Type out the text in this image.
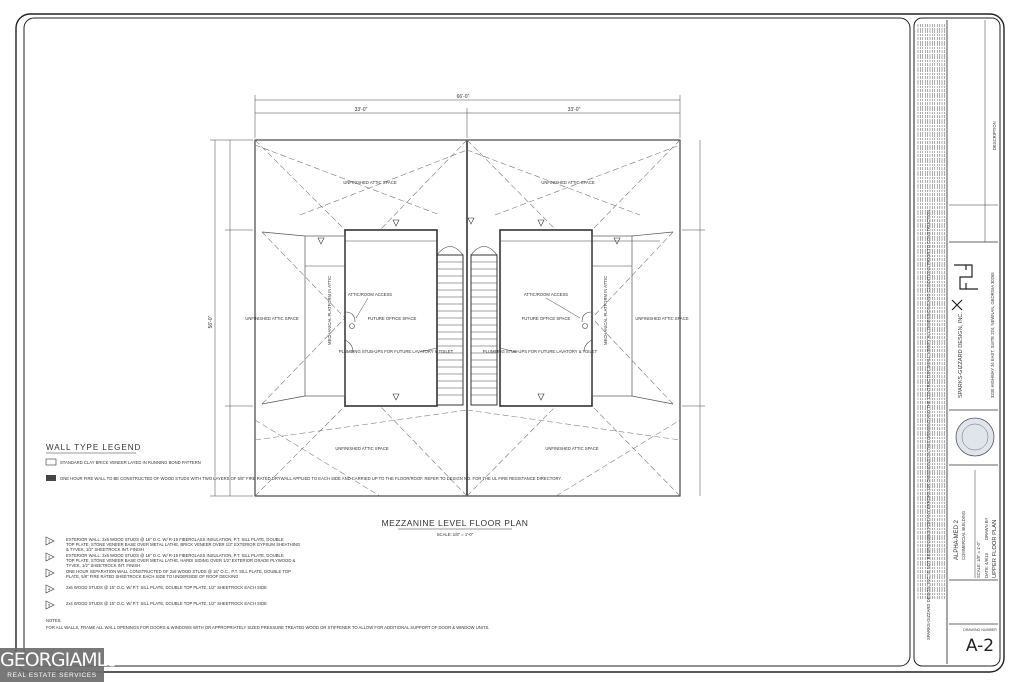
66'-0"
33'-0"	33'-0"
56'-0"
UNFINISHED ATTIC SPACE	UNFINISHED ATTIC SPACE
UNFINISHED ATTIC SPACE	UNFINISHED ATTIC SPACE
UNFINISHED ATTIC SPACE	UNFINISHED ATTIC SPACE
ATTIC/ROOM ACCESS	ATTIC/ROOM ACCESS
FUTURE OFFICE SPACE	FUTURE OFFICE SPACE
PLUMBING STUB-UPS FOR FUTURE LAVATORY & TOILET	PLUMBING STUB-UPS FOR FUTURE LAVATORY & TOILET
MECHANICAL PLATFORM IN ATTIC	MECHANICAL PLATFORM IN ATTIC
MEZZANINE LEVEL FLOOR PLAN
SCALE: 1/8" = 1'-0"
WALL TYPE LEGEND
STANDARD CLAY BRICK VENEER LAYED IN RUNNING BOND PATTERN
ONE HOUR FIRE WALL TO BE CONSTRUCTED OF WOOD STUDS WITH TWO LAYERS OF 5/8" FIRE RATED DRYWALL APPLIED TO EACH SIDE AND CARRIED UP TO THE FLOOR/ROOF. REFER TO DESIGN NO. FOR THE UL FIRE RESISTANCE DIRECTORY.
1	EXTERIOR WALL: 2x6 WOOD STUDS @ 16" O.C. W/ R-19 FIBERGLASS INSULATION, P.T. SILL PLATE, DOUBLE TOP PLATE, STONE VENEER BASE OVER METAL LATHE, BRICK VENEER OVER 1/2" EXTERIOR GYPSUM SHEATHING & TYVEK, 1/2" SHEETROCK INT. FINISH
2	EXTERIOR WALL: 2x6 WOOD STUDS @ 16" O.C. W/ R-19 FIBERGLASS INSULATION, P.T. SILL PLATE, DOUBLE TOP PLATE, STONE VENEER BASE OVER METAL LATHE, HARDI SIDING OVER 1/2" EXTERIOR GRADE PLYWOOD & TYVEK, 1/2" SHEETROCK INT. FINISH
3	ONE HOUR SEPARATION WALL CONSTRUCTED OF 2x6 WOOD STUDS @ 16" O.C., P.T. SILL PLATE, DOUBLE TOP PLATE, 5/8" FIRE RATED SHEETROCK EACH SIDE TO UNDERSIDE OF ROOF DECKING
4	2x6 WOOD STUDS @ 16" O.C. W/ P.T. SILL PLATE, DOUBLE TOP PLATE, 1/2" SHEETROCK EACH SIDE
5	2x4 WOOD STUDS @ 16" O.C. W/ P.T. SILL PLATE, DOUBLE TOP PLATE, 1/2" SHEETROCK EACH SIDE
NOTES:
FOR ALL WALLS, FRAME ALL WALL OPENINGS FOR DOORS & WINDOWS WITH OR APPROPRIATELY SIZED PRESSURE TREATED WOOD OR STIFFENER TO ALLOW FOR ADDITIONAL SUPPORT OF DOOR & WINDOW UNITS.
DESCRIPTION
SPARKS-GIZZARD DESIGN, INC.	3230 HIGHWAY 34 EAST, SUITE 224, NEWNAN, GEORGIA 30265
ALPHA-MED 2 COMMERCIAL BUILDING SCALE: 1/8" = 1'-0"
DRAWN BY
DATE: 4/9/13 UPPER FLOOR PLAN
SPARKS-GIZZARD DESIGN, INC. IS NOT RESPONSIBLE FOR ANY ERRORS OR OMISSIONS ON THIS DRAWING AND THE CONTRACTOR SHALL VERIFY ALL DIMENSIONS AND CONDITIONS PRIOR TO CONSTRUCTION.	DRAWING NUMBER
A-2
GEORGIAMLS
REAL ESTATE SERVICES
